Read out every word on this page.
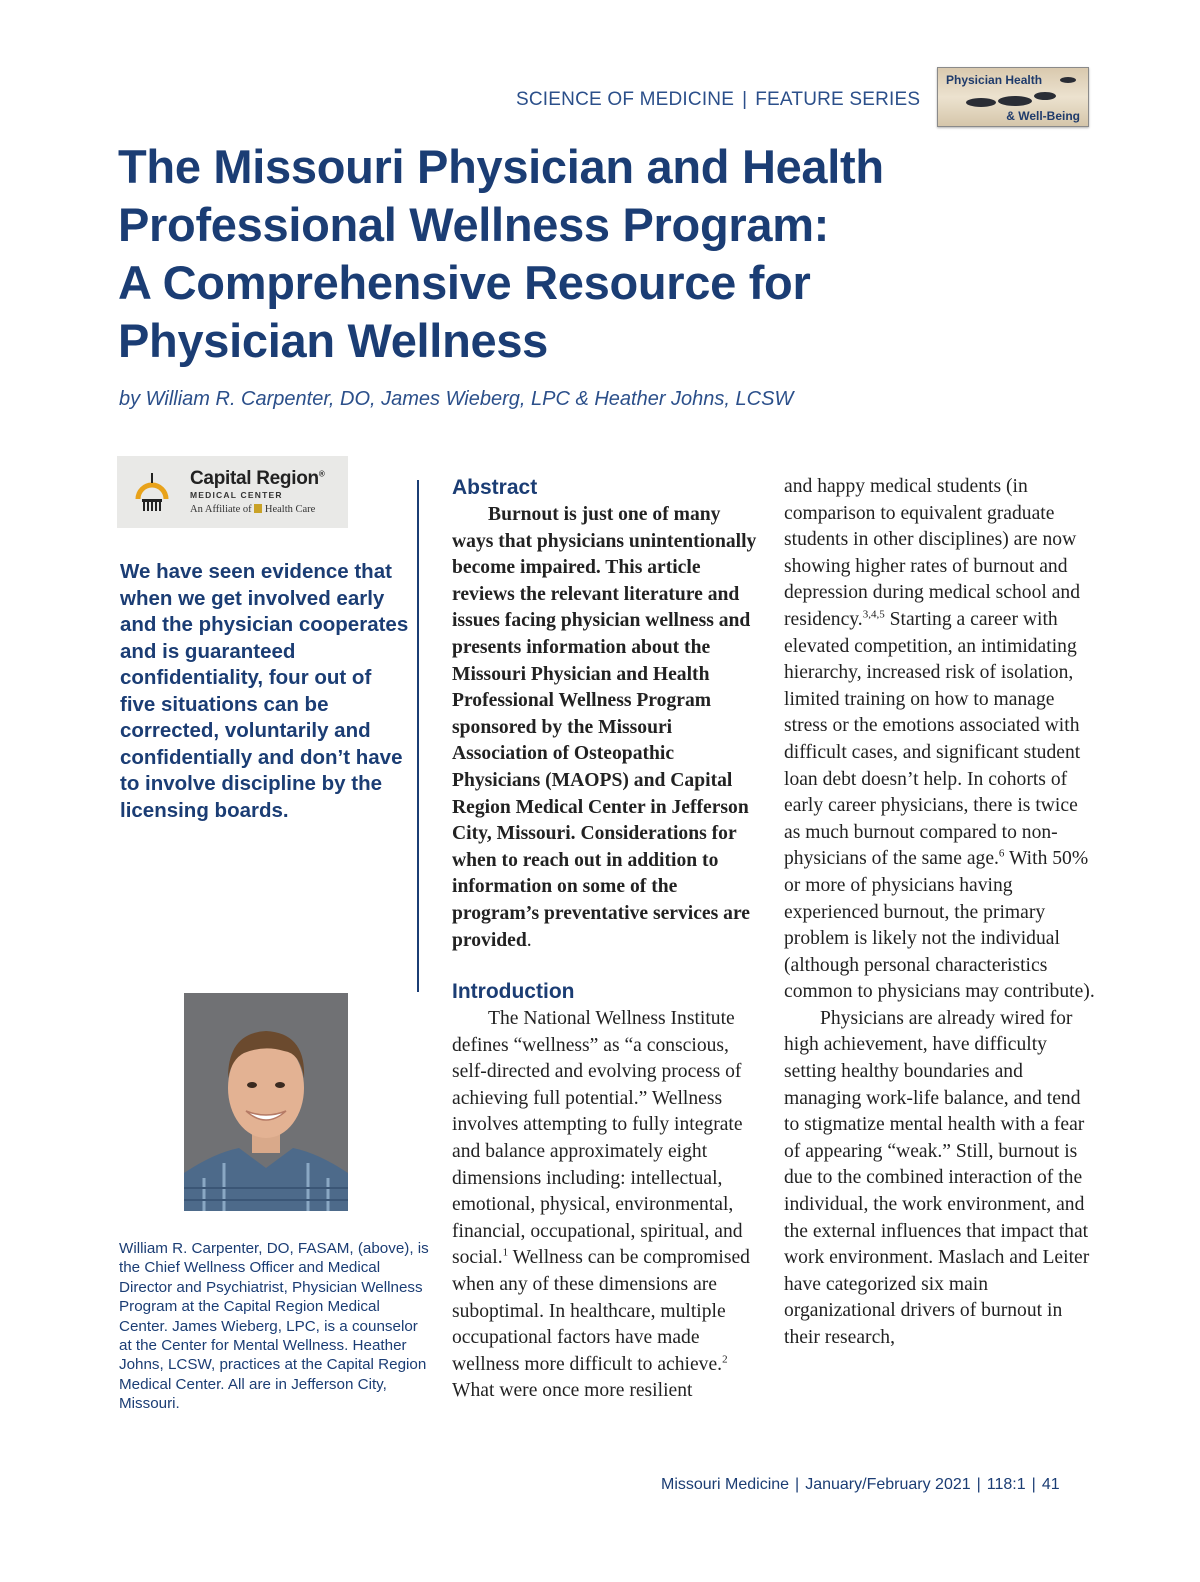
SCIENCE OF MEDICINE | FEATURE SERIES
Physician Health
& Well-Being
The Missouri Physician and Health
Professional Wellness Program:
A Comprehensive Resource for
Physician Wellness
by William R. Carpenter, DO, James Wieberg, LPC & Heather Johns, LCSW
Capital Region®
MEDICAL CENTER
An Affiliate of Health Care
We have seen evidence that when we get involved early and the physician cooperates and is guaranteed confidentiality, four out of five situations can be corrected, voluntarily and confidentially and don’t have to involve discipline by the licensing boards.
William R. Carpenter, DO, FASAM, (above), is the Chief Wellness Officer and Medical Director and Psychiatrist, Physician Wellness Program at the Capital Region Medical Center. James Wieberg, LPC, is a counselor at the Center for Mental Wellness. Heather Johns, LCSW, practices at the Capital Region Medical Center. All are in Jefferson City, Missouri.
Abstract

Burnout is just one of many ways that physicians unintentionally become impaired. This article reviews the relevant literature and issues facing physician wellness and presents information about the Missouri Physician and Health Professional Wellness Program sponsored by the Missouri Association of Osteopathic Physicians (MAOPS) and Capital Region Medical Center in Jefferson City, Missouri. Considerations for when to reach out in addition to information on some of the program’s preventative services are provided.

Introduction

The National Wellness Institute defines “wellness” as “a conscious, self-directed and evolving process of achieving full potential.” Wellness involves attempting to fully integrate and balance approximately eight dimensions including: intellectual, emotional, physical, environmental, financial, occupational, spiritual, and social.$^1$ Wellness can be compromised when any of these dimensions are suboptimal. In healthcare, multiple occupational factors have made wellness more difficult to achieve.$^2$ What were once more resilient

and happy medical students (in comparison to equivalent graduate students in other disciplines) are now showing higher rates of burnout and depression during medical school and residency.$^{3,4,5}$ Starting a career with elevated competition, an intimidating hierarchy, increased risk of isolation, limited training on how to manage stress or the emotions associated with difficult cases, and significant student loan debt doesn’t help. In cohorts of early career physicians, there is twice as much burnout compared to non-physicians of the same age.$^6$ With 50% or more of physicians having experienced burnout, the primary problem is likely not the individual (although personal characteristics common to physicians may contribute).

Physicians are already wired for high achievement, have difficulty setting healthy boundaries and managing work-life balance, and tend to stigmatize mental health with a fear of appearing “weak.” Still, burnout is due to the combined interaction of the individual, the work environment, and the external influences that impact that work environment. Maslach and Leiter have categorized six main organizational drivers of burnout in their research,

Missouri Medicine | January/February 2021 | 118:1 | 41
